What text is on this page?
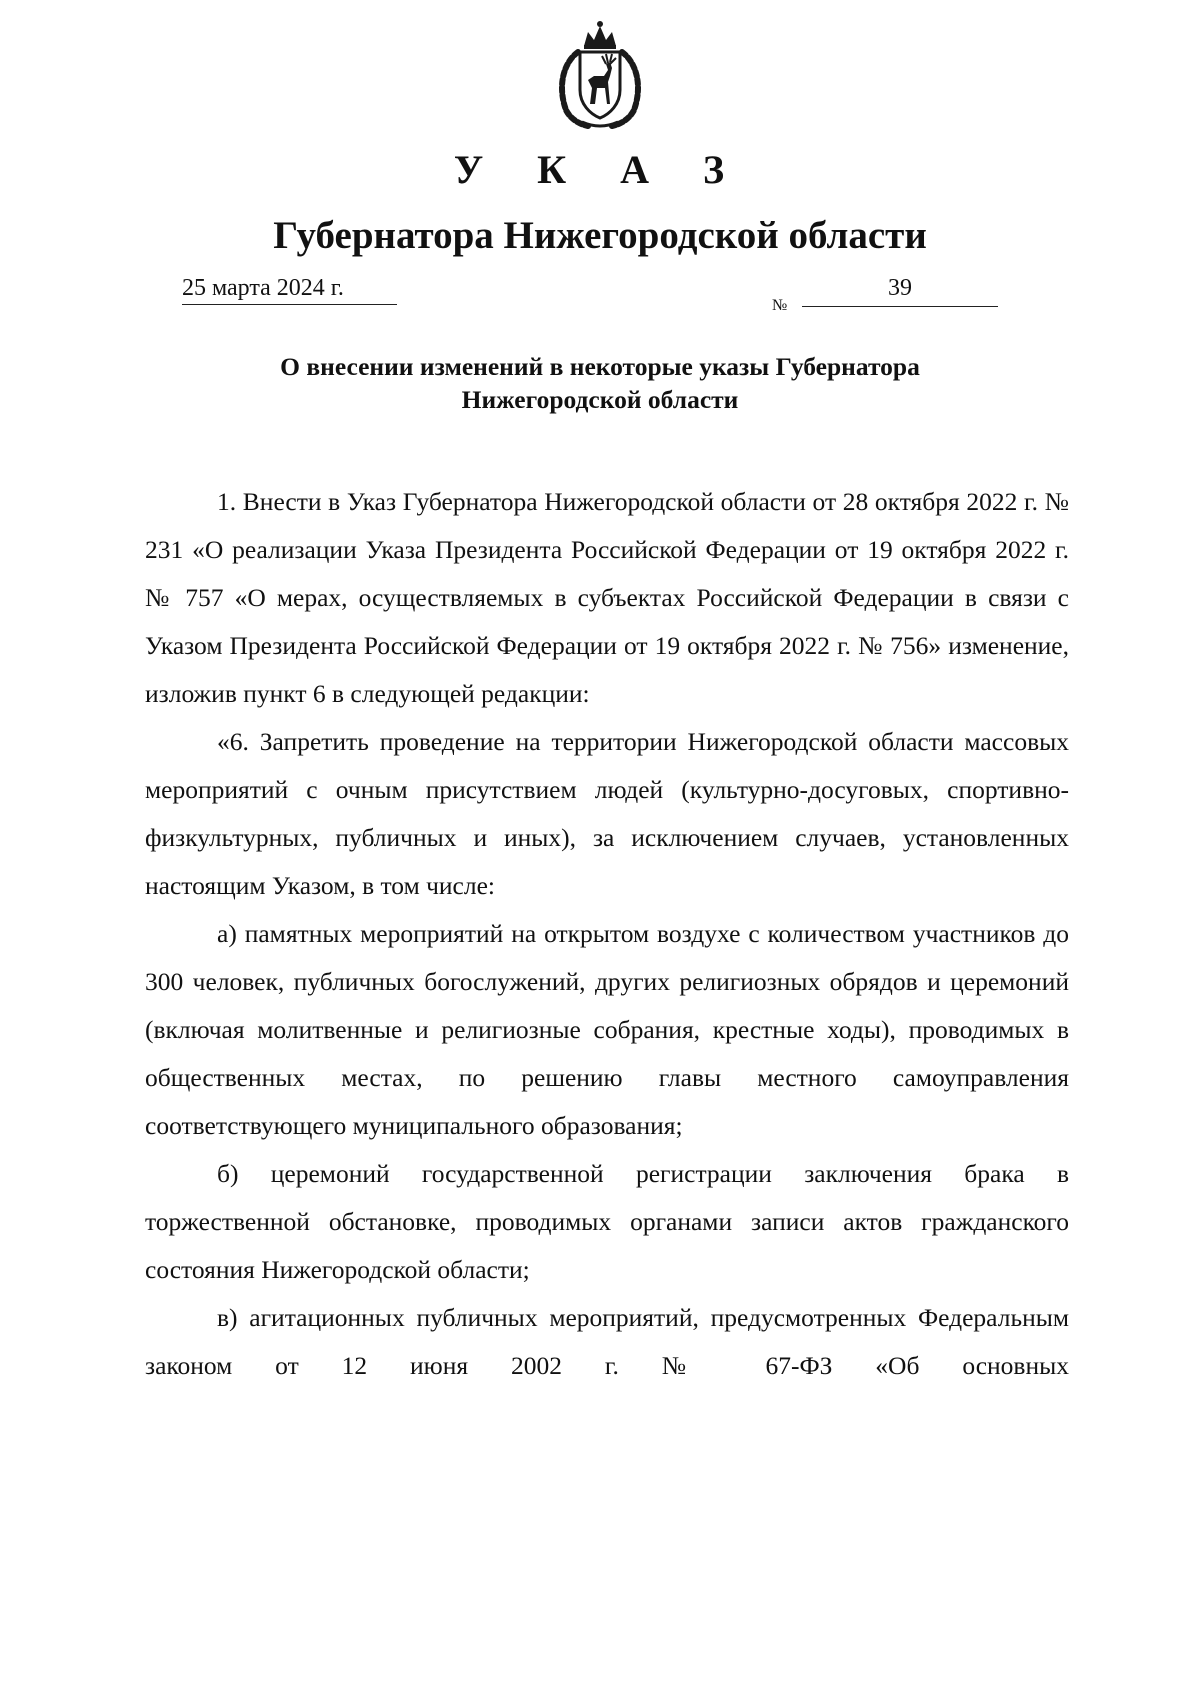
У К А З
Губернатора Нижегородской области
25 марта 2024 г.
№
39
О внесении изменений в некоторые указы Губернатора
Нижегородской области

1. Внести в Указ Губернатора Нижегородской области от 28 октября 2022 г. № 231 «О реализации Указа Президента Российской Федерации от 19 октября 2022 г. № 757 «О мерах, осуществляемых в субъектах Российской Федерации в связи с Указом Президента Российской Федерации от 19 октября 2022 г. № 756» изменение, изложив пункт 6 в следующей редакции:

«6. Запретить проведение на территории Нижегородской области массовых мероприятий с очным присутствием людей (культурно-досуговых, спортивно-физкультурных, публичных и иных), за исключением случаев, установленных настоящим Указом, в том числе:

а) памятных мероприятий на открытом воздухе с количеством участников до 300 человек, публичных богослужений, других религиозных обрядов и церемоний (включая молитвенные и религиозные собрания, крестные ходы), проводимых в общественных местах, по решению главы местного самоуправления соответствующего муниципального образования;

б) церемоний государственной регистрации заключения брака в торжественной обстановке, проводимых органами записи актов гражданского состояния Нижегородской области;

в) агитационных публичных мероприятий, предусмотренных Федеральным законом от 12 июня 2002 г. № 67-ФЗ «Об основных
